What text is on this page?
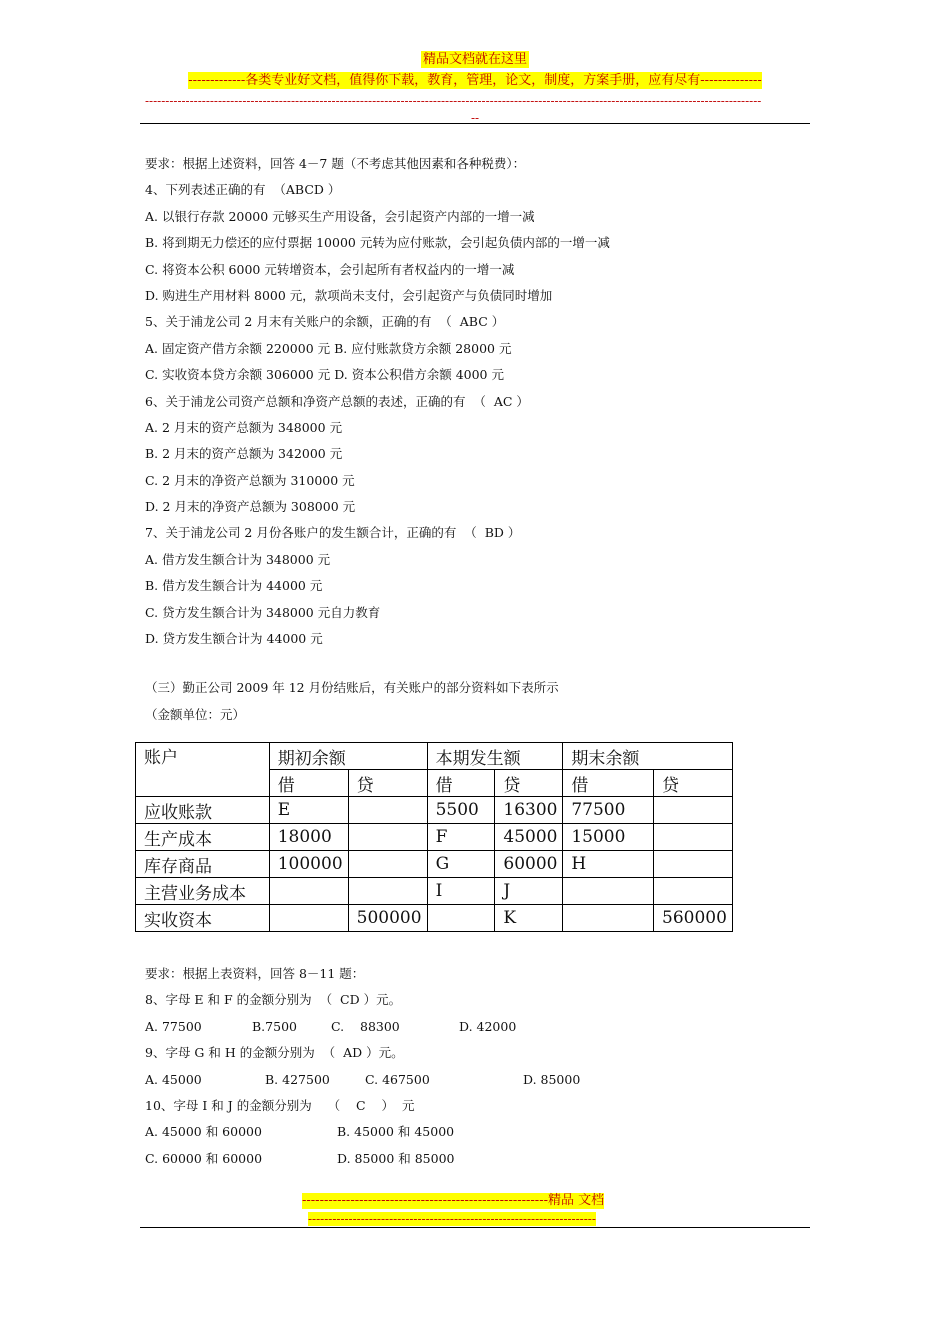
精品文档就在这里
-------------各类专业好文档，值得你下载，教育，管理，论文，制度，方案手册，应有尽有--------------
--------------------------------------------------------------------------------------------------------------------------------------------------------
--
要求：根据上述资料，回答 4－7 题（不考虑其他因素和各种税费）：
4、下列表述正确的有  （ABCD ）
A. 以银行存款 20000 元够买生产用设备，会引起资产内部的一增一减
B. 将到期无力偿还的应付票据 10000 元转为应付账款，会引起负债内部的一增一减
C. 将资本公积 6000 元转增资本，会引起所有者权益内的一增一减
D. 购进生产用材料 8000 元，款项尚未支付，会引起资产与负债同时增加
5、关于浦龙公司 2 月末有关账户的余额，正确的有  （  ABC ）
A. 固定资产借方余额 220000 元 B. 应付账款贷方余额 28000 元
C. 实收资本贷方余额 306000 元 D. 资本公积借方余额 4000 元
6、关于浦龙公司资产总额和净资产总额的表述，正确的有  （  AC ）
A. 2 月末的资产总额为 348000 元
B. 2 月末的资产总额为 342000 元
C. 2 月末的净资产总额为 310000 元
D. 2 月末的净资产总额为 308000 元
7、关于浦龙公司 2 月份各账户的发生额合计，正确的有  （  BD ）
A. 借方发生额合计为 348000 元
B. 借方发生额合计为 44000 元
C. 贷方发生额合计为 348000 元自力教育
D. 贷方发生额合计为 44000 元
（三）勤正公司 2009 年 12 月份结账后，有关账户的部分资料如下表所示
（金额单位：元）
账户	期初余额		本期发生额		期末余额	
	借	贷	借	贷	借	贷
应收账款	E		5500	16300	77500	
生产成本	18000		F	45000	15000	
库存商品	100000		G	60000	H	
主营业务成本			I	J		
实收资本		500000		K		560000
要求：根据上表资料，回答 8－11 题：
8、字母 E 和 F 的金额分别为  （  CD ）元。
A. 77500	B.7500	C.    88300	D. 42000
9、字母 G 和 H 的金额分别为  （  AD ）元。
A. 45000	B. 427500	C. 467500	D. 85000
10、字母 I 和 J 的金额分别为    （    C    ）  元
A. 45000 和 60000	B. 45000 和 45000
C. 60000 和 60000	D. 85000 和 85000
--------------------------------------------------------精品 文档
-----------------------------------------------------------------------
